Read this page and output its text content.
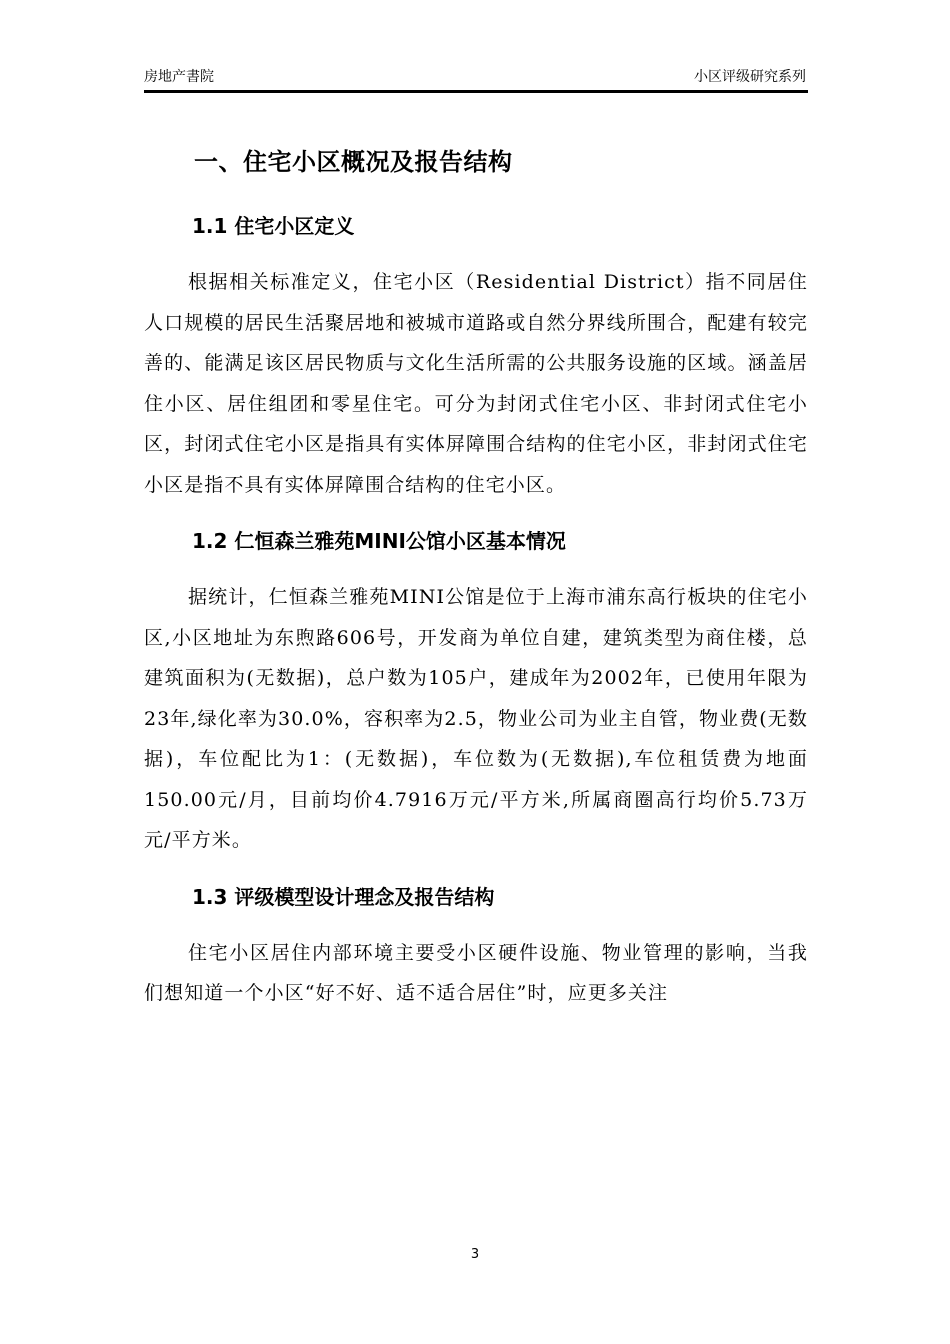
房地产書院	小区评级研究系列
一、住宅小区概况及报告结构
1.1 住宅小区定义

根据相关标准定义，住宅小区（Residential District）指不同居住人口规模的居民生活聚居地和被城市道路或自然分界线所围合，配建有较完善的、能满足该区居民物质与文化生活所需的公共服务设施的区域。涵盖居住小区、居住组团和零星住宅。可分为封闭式住宅小区、非封闭式住宅小区，封闭式住宅小区是指具有实体屏障围合结构的住宅小区，非封闭式住宅小区是指不具有实体屏障围合结构的住宅小区。

1.2 仁恒森兰雅苑MINI公馆小区基本情况

据统计，仁恒森兰雅苑MINI公馆是位于上海市浦东高行板块的住宅小区,小区地址为东煦路606号，开发商为单位自建，建筑类型为商住楼，总建筑面积为(无数据)，总户数为105户，建成年为2002年，已使用年限为23年,绿化率为30.0%，容积率为2.5，物业公司为业主自管，物业费(无数据)，车位配比为1：(无数据)，车位数为(无数据),车位租赁费为地面150.00元/月，目前均价4.7916万元/平方米,所属商圈高行均价5.73万元/平方米。

1.3 评级模型设计理念及报告结构

住宅小区居住内部环境主要受小区硬件设施、物业管理的影响，当我们想知道一个小区“好不好、适不适合居住”时，应更多关注

3
